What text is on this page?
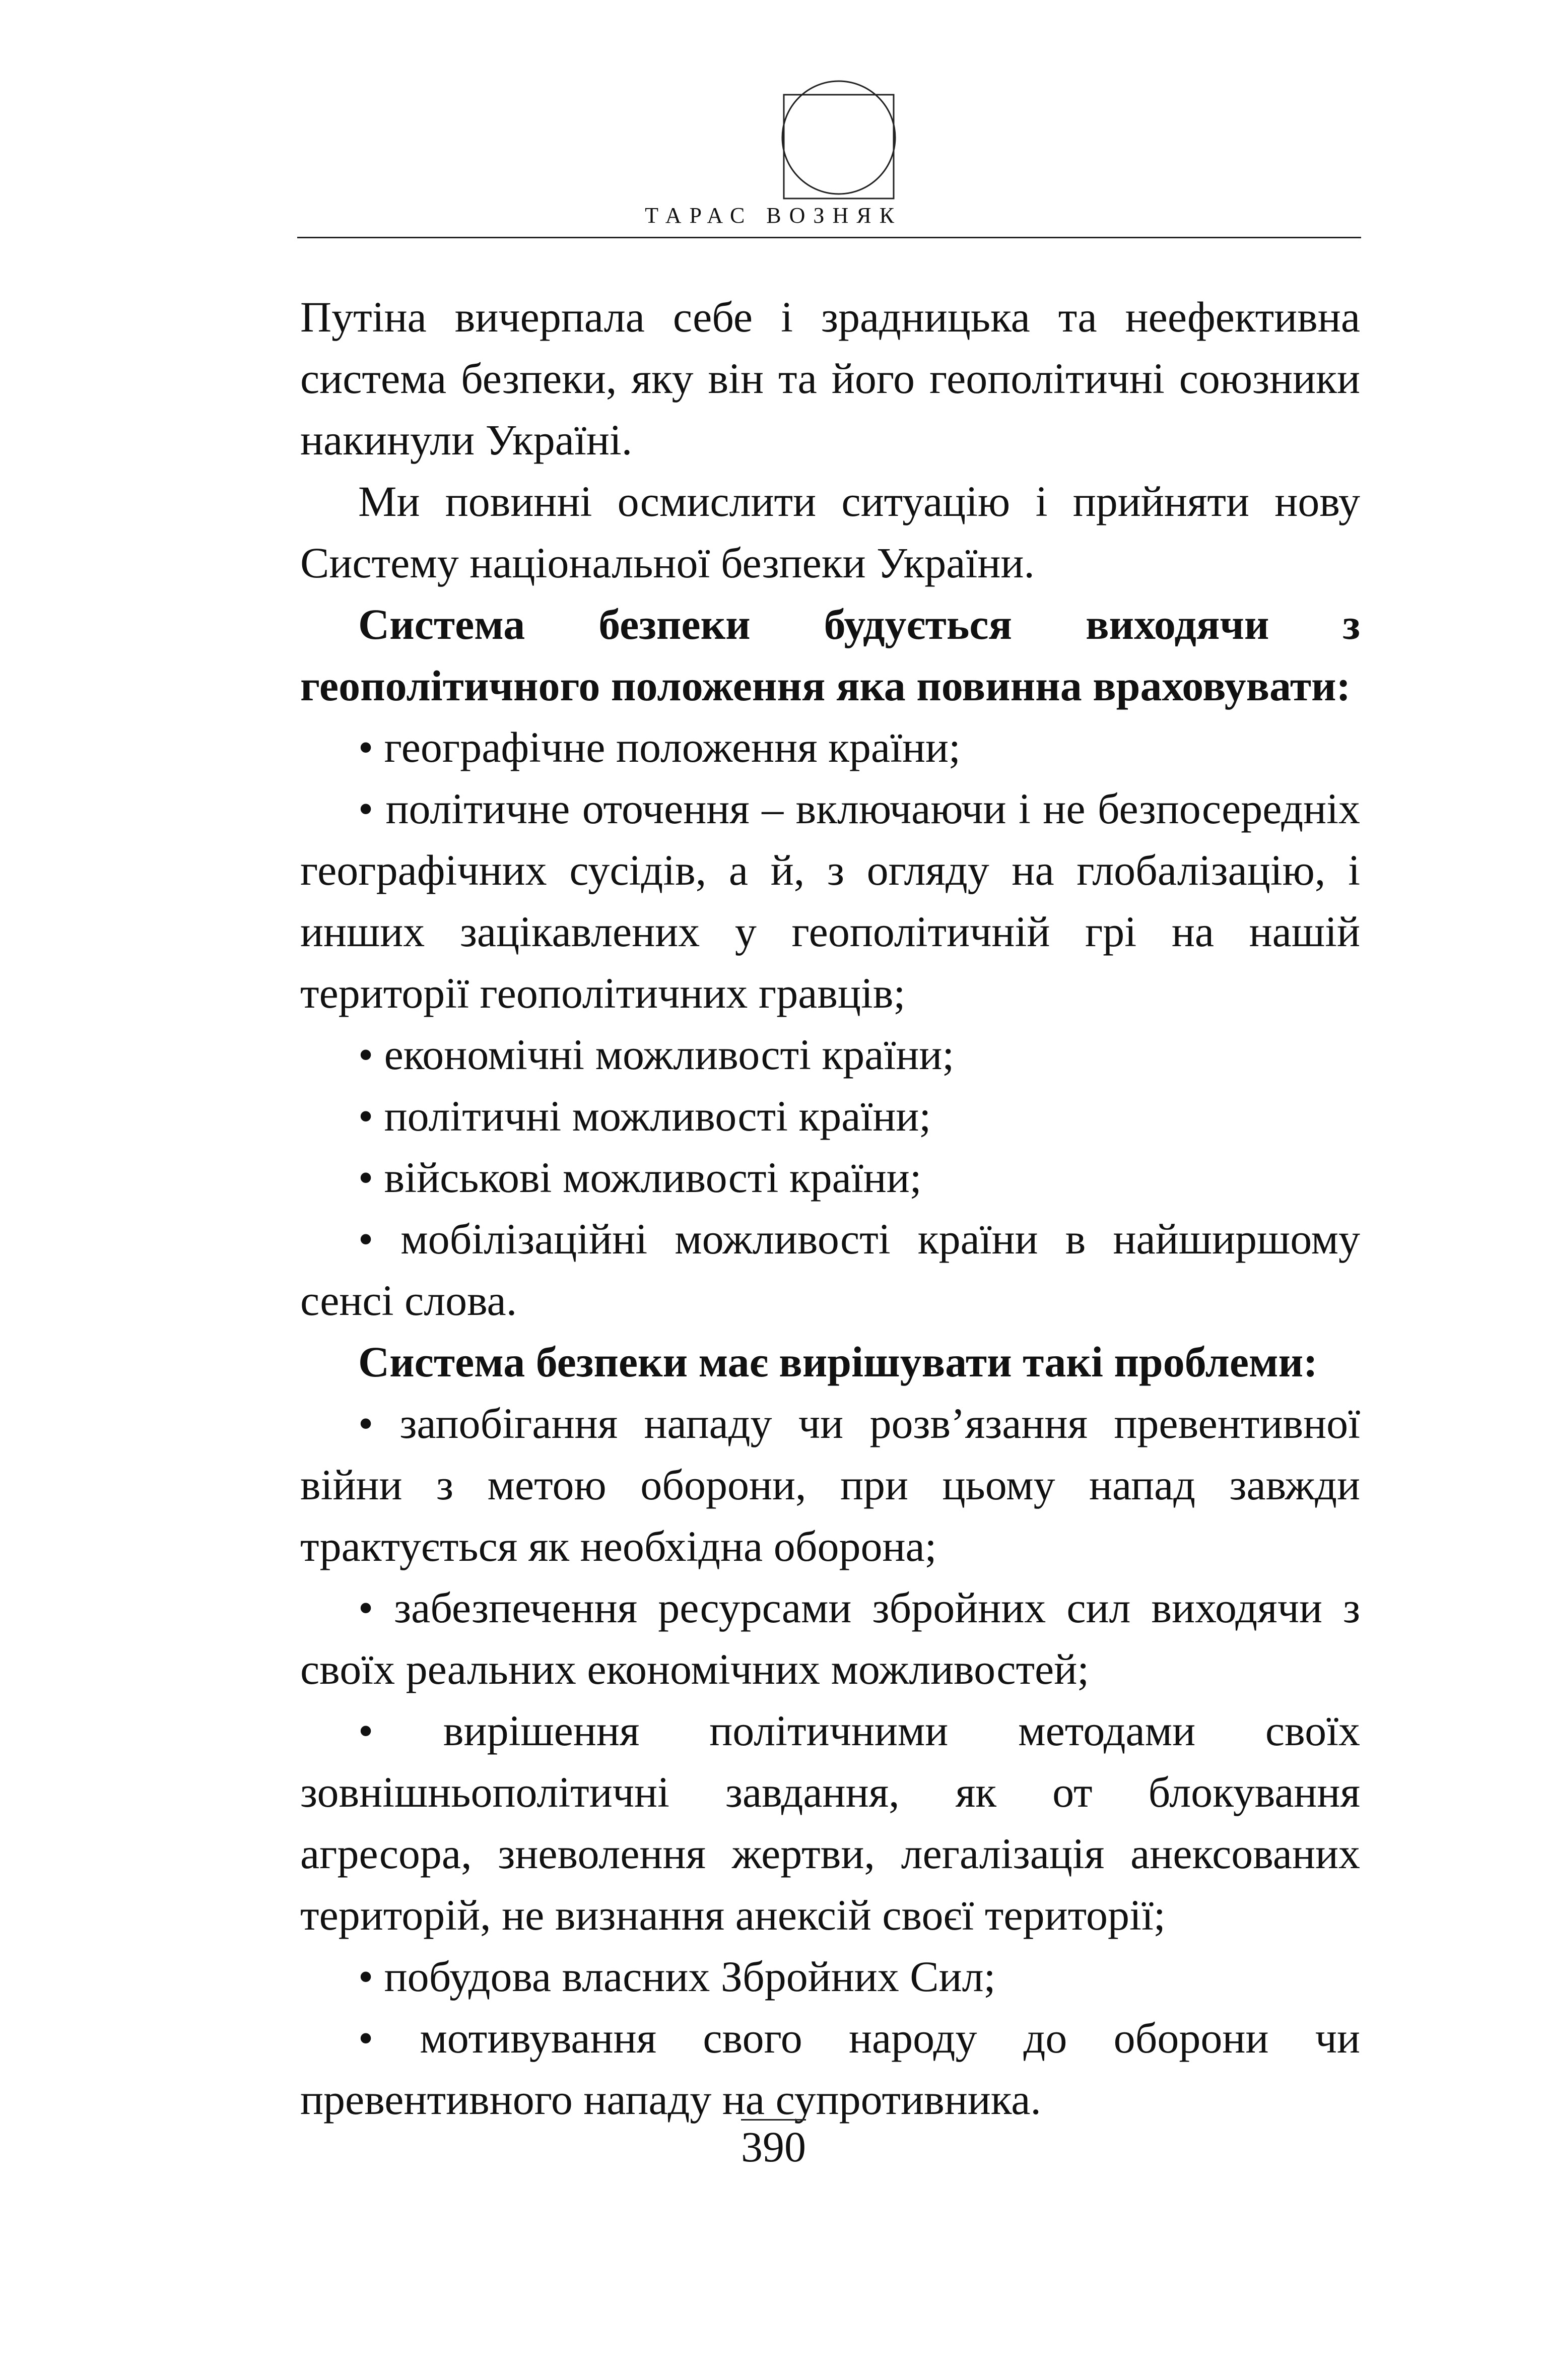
ТАРАС ВОЗНЯК

Путіна вичерпала себе і зрадницька та неефективна система безпеки, яку він та його геополітичні союзники накинули Україні.

Ми повинні осмислити ситуацію і прийняти нову Систему національної безпеки України.

Система безпеки будується виходячи з геополітичного положення яка повинна враховувати:

• географічне положення країни;

• політичне оточення – включаючи і не безпосередніх географічних сусідів, а й, з огляду на глобалізацію, і инших зацікавлених у геополітичній грі на нашій території геополітичних гравців;

• економічні можливості країни;

• політичні можливості країни;

• військові можливості країни;

• мобілізаційні можливості країни в найширшому сенсі слова.

Система безпеки має вирішувати такі проблеми:

• запобігання нападу чи розв’язання превентивної війни з метою оборони, при цьому напад завжди трактується як необхідна оборона;

• забезпечення ресурсами збройних сил виходячи з своїх реальних економічних можливостей;

• вирішення політичними методами своїх зовнішньополітичні завдання, як от блокування агресора, зневолення жертви, легалізація анексованих територій, не визнання анексій своєї території;

• побудова власних Збройних Сил;

• мотивування свого народу до оборони чи превентивного нападу на супротивника.

390
